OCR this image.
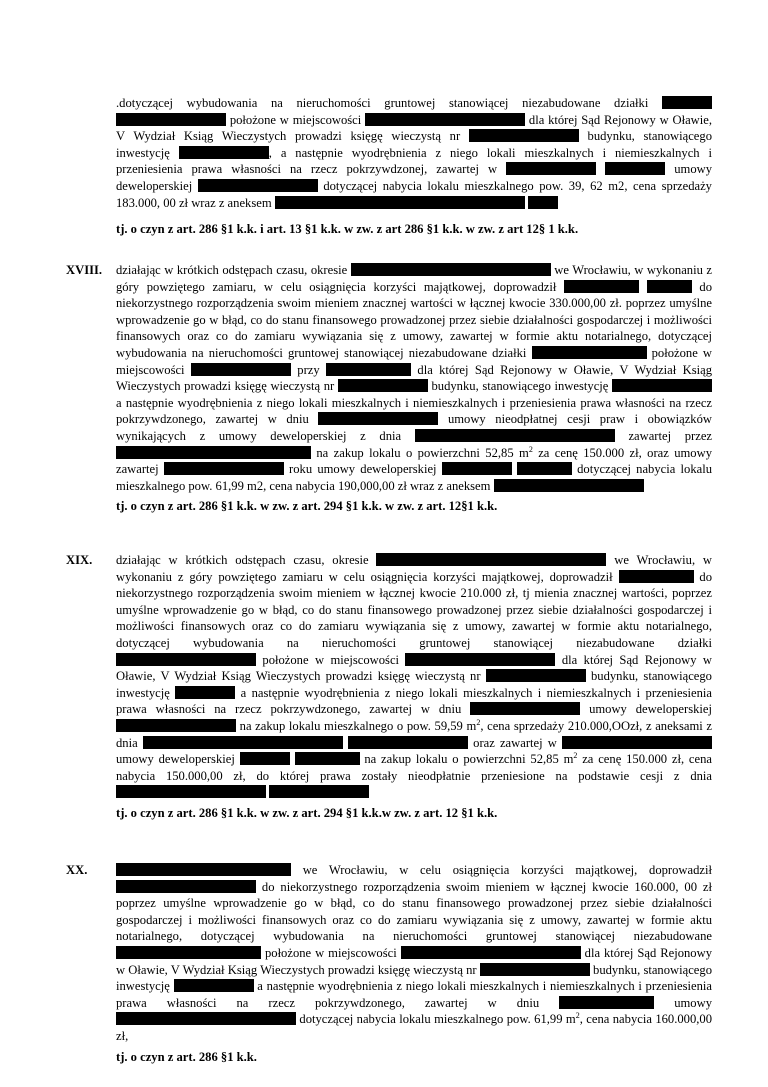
.dotyczącej wybudowania na nieruchomości gruntowej stanowiącej niezabudowane działki  położone w miejscowości	dla której Sąd Rejonowy w Oławie, V Wydział Ksiąg Wieczystych prowadzi księgę wieczystą nr	budynku, stanowiącego inwestycję	, a następnie wyodrębnienia z niego lokali mieszkalnych i niemieszkalnych i przeniesienia prawa własności na rzecz pokrzywdzonej, zawartej w	umowy deweloperskiej	dotyczącej nabycia lokalu mieszkalnego pow. 39, 62 m2, cena sprzedaży 183.000, 00 zł wraz z aneksem
tj. o czyn z art. 286 §1 k.k. i art. 13 §1 k.k. w zw. z art 286 §1 k.k. w zw. z art 12§ 1 k.k.
XVIII. działając w krótkich odstępach czasu, okresie	we Wrocławiu, w wykonaniu z góry powziętego zamiaru, w celu osiągnięcia korzyści majątkowej, doprowadził	do niekorzystnego rozporządzenia swoim mieniem znacznej wartości w łącznej kwocie 330.000,00 zł. poprzez umyślne wprowadzenie go w błąd, co do stanu finansowego prowadzonej przez siebie działalności gospodarczej i możliwości finansowych oraz co do zamiaru wywiązania się z umowy, zawartej w formie aktu notarialnego, dotyczącej wybudowania na nieruchomości gruntowej stanowiącej niezabudowane działki	położone w miejscowości	przy	dla której Sąd Rejonowy w Oławie, V Wydział Ksiąg Wieczystych prowadzi księgę wieczystą nr	budynku, stanowiącego inwestycję  a następnie wyodrębnienia z niego lokali mieszkalnych i niemieszkalnych i przeniesienia prawa własności na rzecz pokrzywdzonego, zawartej w dniu	umowy nieodpłatnej cesji praw i obowiązków wynikających z umowy deweloperskiej z dnia	zawartej przez  na zakup lokalu o powierzchni 52,85 $m^2$ za cenę 150.000 zł, oraz umowy zawartej	roku umowy deweloperskiej	dotyczącej nabycia lokalu mieszkalnego pow. 61,99 m2, cena nabycia 190,000,00 zł wraz z aneksem
tj. o czyn z art. 286 §1 k.k. w zw. z art. 294 §1 k.k. w zw. z art. 12§1 k.k.
XIX. działając w krótkich odstępach czasu, okresie	we Wrocławiu, w wykonaniu z góry powziętego zamiaru w celu osiągnięcia korzyści majątkowej, doprowadził	do niekorzystnego rozporządzenia swoim mieniem w łącznej kwocie 210.000 zł, tj mienia znacznej wartości, poprzez umyślne wprowadzenie go w błąd, co do stanu finansowego prowadzonej przez siebie działalności gospodarczej i możliwości finansowych oraz co do zamiaru wywiązania się z umowy, zawartej w formie aktu notarialnego, dotyczącej wybudowania na nieruchomości gruntowej stanowiącej niezabudowane działki  położone w miejscowości	dla której Sąd Rejonowy w Oławie, V Wydział Ksiąg Wieczystych prowadzi księgę wieczystą nr	budynku, stanowiącego inwestycję	a następnie wyodrębnienia z niego lokali mieszkalnych i niemieszkalnych i przeniesienia prawa własności na rzecz pokrzywdzonego, zawartej w dniu	umowy deweloperskiej  na zakup lokalu mieszkalnego o pow. 59,59 $m^2$, cena sprzedaży 210.000,OOzł, z aneksami z dnia	oraz zawartej w  umowy deweloperskiej	na zakup lokalu o powierzchni 52,85 $m^2$ za cenę 150.000 zł, cena nabycia 150.000,00 zł, do której prawa zostały nieodpłatnie przeniesione na podstawie cesji z dnia
tj. o czyn z art. 286 §1 k.k. w zw. z art. 294 §1 k.k.w zw. z art. 12 §1 k.k.
XX.	we Wrocławiu, w celu osiągnięcia korzyści majątkowej, doprowadził  do niekorzystnego rozporządzenia swoim mieniem w łącznej kwocie 160.000, 00 zł poprzez umyślne wprowadzenie go w błąd, co do stanu finansowego prowadzonej przez siebie działalności gospodarczej i możliwości finansowych oraz co do zamiaru wywiązania się z umowy, zawartej w formie aktu notarialnego, dotyczącej wybudowania na nieruchomości gruntowej stanowiącej niezabudowane  położone w miejscowości	dla której Sąd Rejonowy w Oławie, V Wydział Ksiąg Wieczystych prowadzi księgę wieczystą nr	budynku, stanowiącego inwestycję	a następnie wyodrębnienia z niego lokali mieszkalnych i niemieszkalnych i przeniesienia prawa własności na rzecz pokrzywdzonego, zawartej w dniu	umowy  dotyczącej nabycia lokalu mieszkalnego pow. 61,99 $m^2$, cena nabycia 160.000,00 zł,
tj. o czyn z art. 286 §1 k.k.
